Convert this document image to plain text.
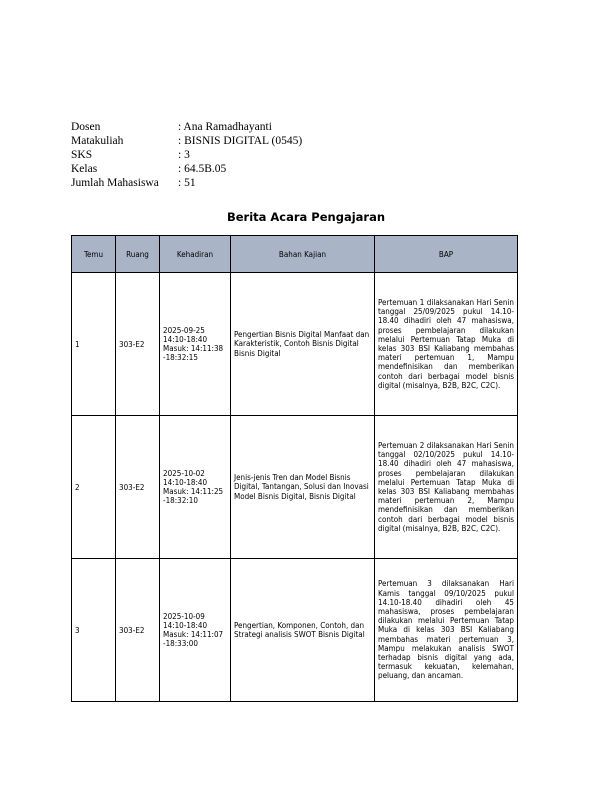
Dosen	: Ana Ramadhayanti
Matakuliah	: BISNIS DIGITAL (0545)
SKS	: 3
Kelas	: 64.5B.05
Jumlah Mahasiswa	: 51
Berita Acara Pengajaran
Temu	Ruang	Kehadiran	Bahan Kajian	BAP
1	303-E2	2025-09-25 14:10-18:40 Masuk: 14:11:38 -18:32:15	Pengertian Bisnis Digital Manfaat dan Karakteristik, Contoh Bisnis Digital Bisnis Digital	Pertemuan 1 dilaksanakan Hari Senin tanggal 25/09/2025 pukul 14.10-18.40 dihadiri oleh 47 mahasiswa, proses pembelajaran dilakukan melalui Pertemuan Tatap Muka di kelas 303 BSI Kaliabang membahas materi pertemuan 1, Mampu mendefinisikan dan memberikan contoh dari berbagai model bisnis digital (misalnya, B2B, B2C, C2C).
2	303-E2	2025-10-02 14:10-18:40 Masuk: 14:11:25 -18:32:10	Jenis-jenis Tren dan Model Bisnis Digital, Tantangan, Solusi dan Inovasi Model Bisnis Digital, Bisnis Digital	Pertemuan 2 dilaksanakan Hari Senin tanggal 02/10/2025 pukul 14.10-18.40 dihadiri oleh 47 mahasiswa, proses pembelajaran dilakukan melalui Pertemuan Tatap Muka di kelas 303 BSI Kaliabang membahas materi pertemuan 2, Mampu mendefinisikan dan memberikan contoh dari berbagai model bisnis digital (misalnya, B2B, B2C, C2C).
3	303-E2	2025-10-09 14:10-18:40 Masuk: 14:11:07 -18:33:00	Pengertian, Komponen, Contoh, dan Strategi analisis SWOT Bisnis Digital	Pertemuan 3 dilaksanakan Hari Kamis tanggal 09/10/2025 pukul 14.10-18.40 dihadiri oleh 45 mahasiswa, proses pembelajaran dilakukan melalui Pertemuan Tatap Muka di kelas 303 BSI Kaliabang membahas materi pertemuan 3, Mampu melakukan analisis SWOT terhadap bisnis digital yang ada, termasuk kekuatan, kelemahan, peluang, dan ancaman.
